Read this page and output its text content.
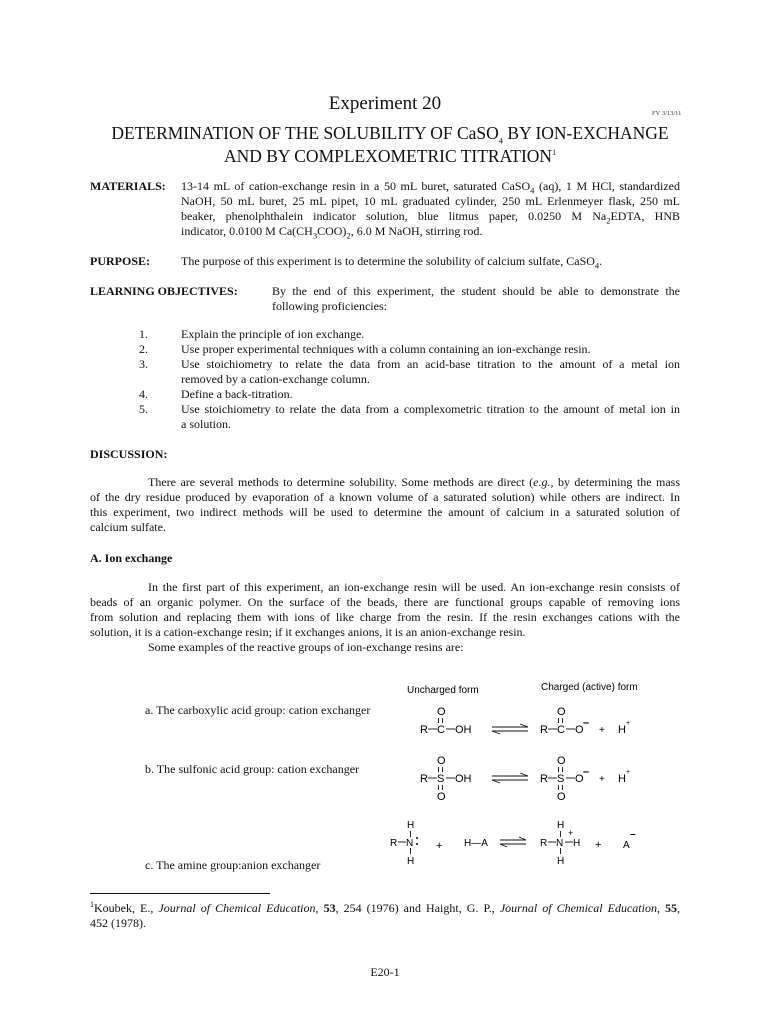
Experiment 20	FV 3/13/11
DETERMINATION OF THE SOLUBILITY OF CaSO$_4$ BY ION-EXCHANGE
AND BY COMPLEXOMETRIC TITRATION$^1$
MATERIALS: 13-14 mL of cation-exchange resin in a 50 mL buret, saturated CaSO$_4$ (aq), 1 M HCl, standardized

NaOH, 50 mL buret, 25 mL pipet, 10 mL graduated cylinder, 250 mL Erlenmeyer flask, 250 mL

beaker, phenolphthalein indicator solution, blue litmus paper, 0.0250 M $Na_2EDTA$, HNB

indicator, 0.0100 M $Ca(CH_3COO)_2$, 6.0 M NaOH, stirring rod.

PURPOSE:	The purpose of this experiment is to determine the solubility of calcium sulfate, CaSO$_4$.
LEARNING OBJECTIVES:	By the end of this experiment, the student should be able to demonstrate the

following proficiencies:

1.	Explain the principle of ion exchange.
2.	Use proper experimental techniques with a column containing an ion-exchange resin.
3.	Use stoichiometry to relate the data from an acid-base titration to the amount of a metal ion

removed by a cation-exchange column.

4.	Define a back-titration.
5.	Use stoichiometry to relate the data from a complexometric titration to the amount of metal ion in

a solution.

DISCUSSION:

There are several methods to determine solubility. Some methods are direct (e.g., by determining the mass

of the dry residue produced by evaporation of a known volume of a saturated solution) while others are indirect. In

this experiment, two indirect methods will be used to determine the amount of calcium in a saturated solution of

calcium sulfate.

A. Ion exchange

In the first part of this experiment, an ion-exchange resin will be used. An ion-exchange resin consists of

beads of an organic polymer. On the surface of the beads, there are functional groups capable of removing ions

from solution and replacing them with ions of like charge from the resin. If the resin exchanges cations with the

solution, it is a cation-exchange resin; if it exchanges anions, it is an anion-exchange resin.

Some examples of the reactive groups of ion-exchange resins are:

a. The carboxylic acid group: cation exchanger
b. The sulfonic acid group: cation exchanger
c. The amine group:anion exchanger
Uncharged form	Charged (active) form
O
R C OH
O
R C O
–
+ H
+
O
R S OH
O
O
R S O
–
+ H
+
O
H
R N
H
+ H—A
H
+
R N H
H
+ A
–

$^1$Koubek, E., Journal of Chemical Education, 53, 254 (1976) and Haight, G. P., Journal of Chemical Education, 55,

452 (1978).

E20-1
